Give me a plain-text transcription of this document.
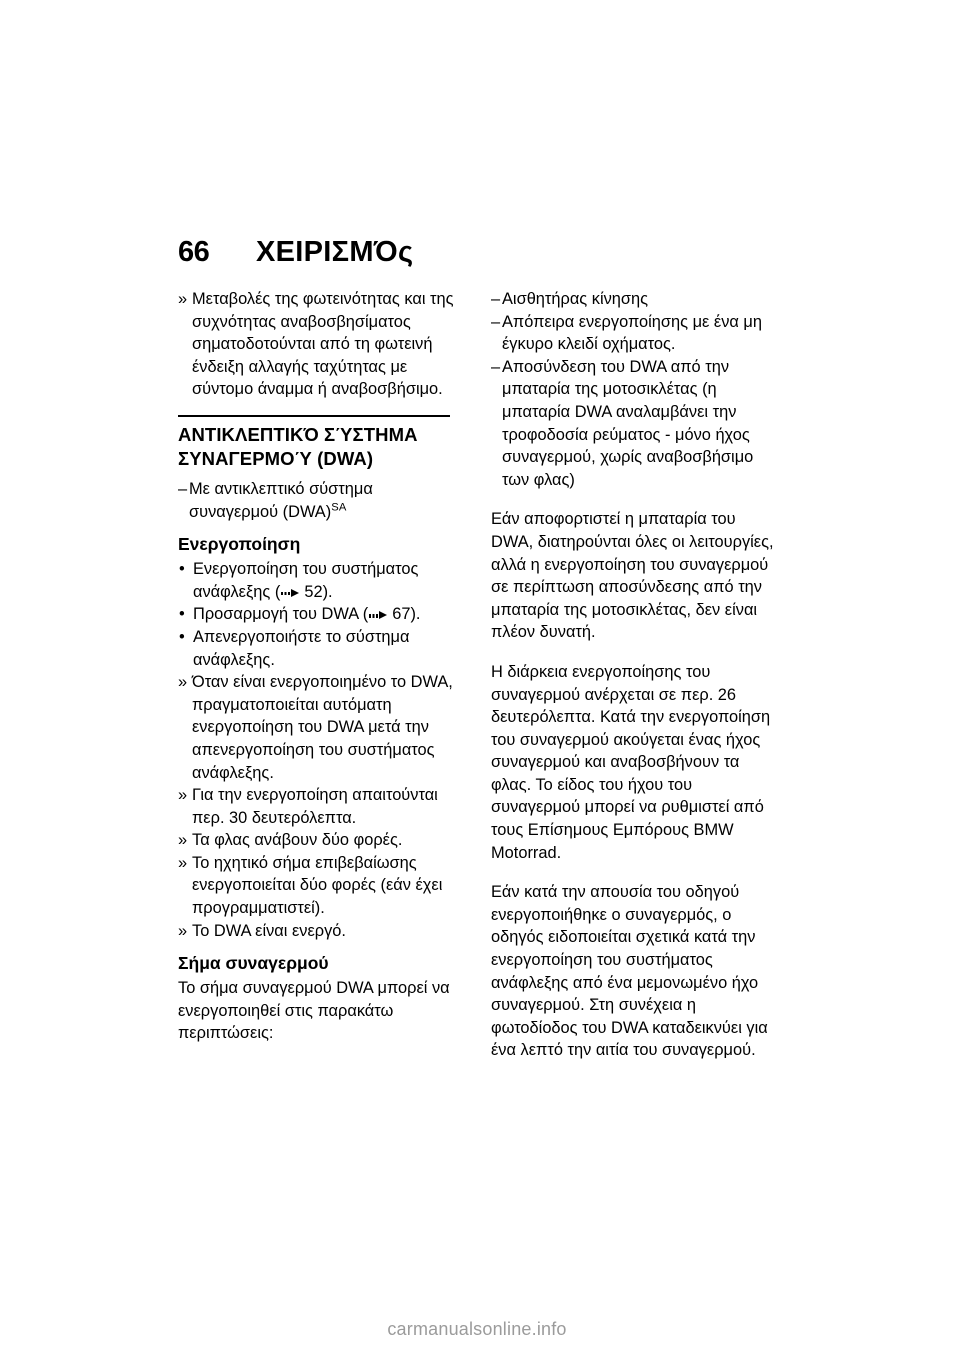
66	ΧΕΙΡΙΣΜΌς
» Μεταβολές της φωτεινότητας και της συχνότητας αναβοσβησίματος σηματοδοτούνται από τη φωτεινή ένδειξη αλλαγής ταχύτητας με σύντομο άναμμα ή αναβοσβήσιμο.
ΑΝΤΙΚΛΕΠΤΙΚΌ ΣΎΣΤΗΜΑ ΣΥΝΑΓΕΡΜΟΎ (DWA)
– Με αντικλεπτικό σύστημα συναγερμού (DWA)$^{SA}$
Ενεργοποίηση
• Ενεργοποίηση του συστήματος ανάφλεξης ( 52).
• Προσαρμογή του DWA ( 67).
• Απενεργοποιήστε το σύστημα ανάφλεξης.
» Όταν είναι ενεργοποιημένο το DWA, πραγματοποιείται αυτόματη ενεργοποίηση του DWA μετά την απενεργοποίηση του συστήματος ανάφλεξης.
» Για την ενεργοποίηση απαιτούνται περ. 30 δευτερόλεπτα.
» Τα φλας ανάβουν δύο φορές.
» Το ηχητικό σήμα επιβεβαίωσης ενεργοποιείται δύο φορές (εάν έχει προγραμματιστεί).
» Το DWA είναι ενεργό.
Σήμα συναγερμού
Το σήμα συναγερμού DWA μπορεί να ενεργοποιηθεί στις παρακάτω περιπτώσεις:
– Αισθητήρας κίνησης
– Απόπειρα ενεργοποίησης με ένα μη έγκυρο κλειδί οχήματος.
– Αποσύνδεση του DWA από την μπαταρία της μοτοσικλέτας (η μπαταρία DWA αναλαμβάνει την τροφοδοσία ρεύματος - μόνο ήχος συναγερμού, χωρίς αναβοσβήσιμο των φλας)
Εάν αποφορτιστεί η μπαταρία του DWA, διατηρούνται όλες οι λειτουργίες, αλλά η ενεργοποίηση του συναγερμού σε περίπτωση αποσύνδεσης από την μπαταρία της μοτοσικλέτας, δεν είναι πλέον δυνατή.
Η διάρκεια ενεργοποίησης του συναγερμού ανέρχεται σε περ. 26 δευτερόλεπτα. Κατά την ενεργοποίηση του συναγερμού ακούγεται ένας ήχος συναγερμού και αναβοσβήνουν τα φλας. Το είδος του ήχου του συναγερμού μπορεί να ρυθμιστεί από τους Επίσημους Εμπόρους BMW Motorrad.
Εάν κατά την απουσία του οδηγού ενεργοποιήθηκε ο συναγερμός, ο οδηγός ειδοποιείται σχετικά κατά την ενεργοποίηση του συστήματος ανάφλεξης από ένα μεμονωμένο ήχο συναγερμού. Στη συνέχεια η φωτοδίοδος του DWA καταδεικνύει για ένα λεπτό την αιτία του συναγερμού.
carmanualsonline.info
